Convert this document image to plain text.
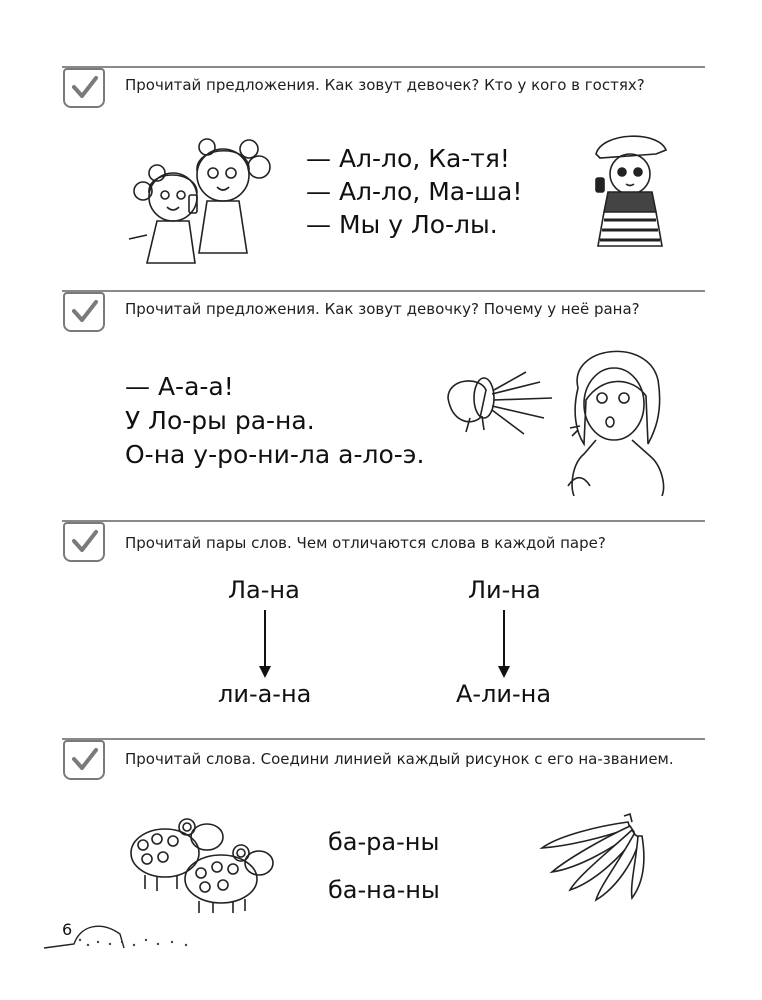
Прочитай предложения. Как зовут девочек? Кто у кого в гостях?
— Ал-ло, Ка-тя!
— Ал-ло, Ма-ша!
— Мы у Ло-лы.
Прочитай предложения. Как зовут девочку? Почему у неё рана?
— А-а-а!
У Ло-ры ра-на.
О-на у-ро-ни-ла а-ло-э.
Прочитай пары слов. Чем отличаются слова в каждой паре?
Ла-на
ли-а-на
Ли-на
А-ли-на
Прочитай слова. Соедини линией каждый рисунок с его на-званием.
ба-ра-ны
ба-на-ны
6
